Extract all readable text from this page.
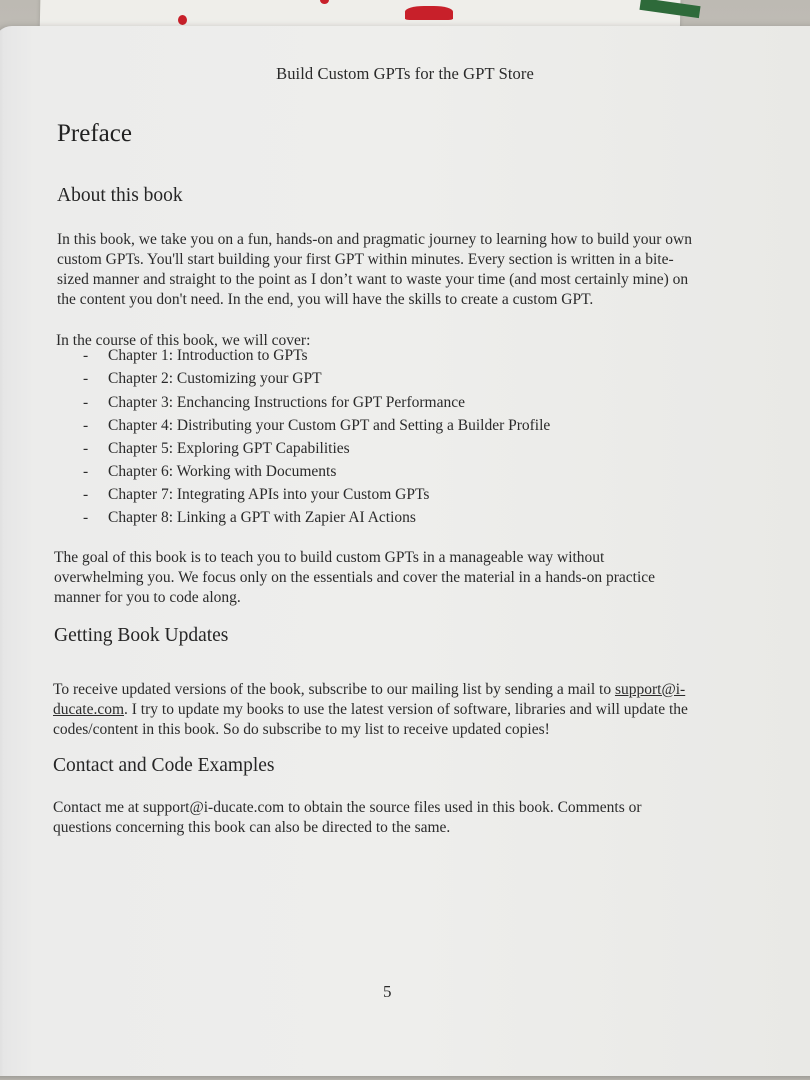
Build Custom GPTs for the GPT Store
Preface
About this book
In this book, we take you on a fun, hands-on and pragmatic journey to learning how to build your own
custom GPTs. You'll start building your first GPT within minutes. Every section is written in a bite-
sized manner and straight to the point as I don’t want to waste your time (and most certainly mine) on
the content you don't need. In the end, you will have the skills to create a custom GPT.
In the course of this book, we will cover:
- Chapter 1: Introduction to GPTs
- Chapter 2: Customizing your GPT
- Chapter 3: Enchancing Instructions for GPT Performance
- Chapter 4: Distributing your Custom GPT and Setting a Builder Profile
- Chapter 5: Exploring GPT Capabilities
- Chapter 6: Working with Documents
- Chapter 7: Integrating APIs into your Custom GPTs
- Chapter 8: Linking a GPT with Zapier AI Actions
The goal of this book is to teach you to build custom GPTs in a manageable way without
overwhelming you. We focus only on the essentials and cover the material in a hands-on practice
manner for you to code along.
Getting Book Updates
To receive updated versions of the book, subscribe to our mailing list by sending a mail to support@i-
ducate.com. I try to update my books to use the latest version of software, libraries and will update the
codes/content in this book. So do subscribe to my list to receive updated copies!
Contact and Code Examples
Contact me at support@i-ducate.com to obtain the source files used in this book. Comments or
questions concerning this book can also be directed to the same.
5
